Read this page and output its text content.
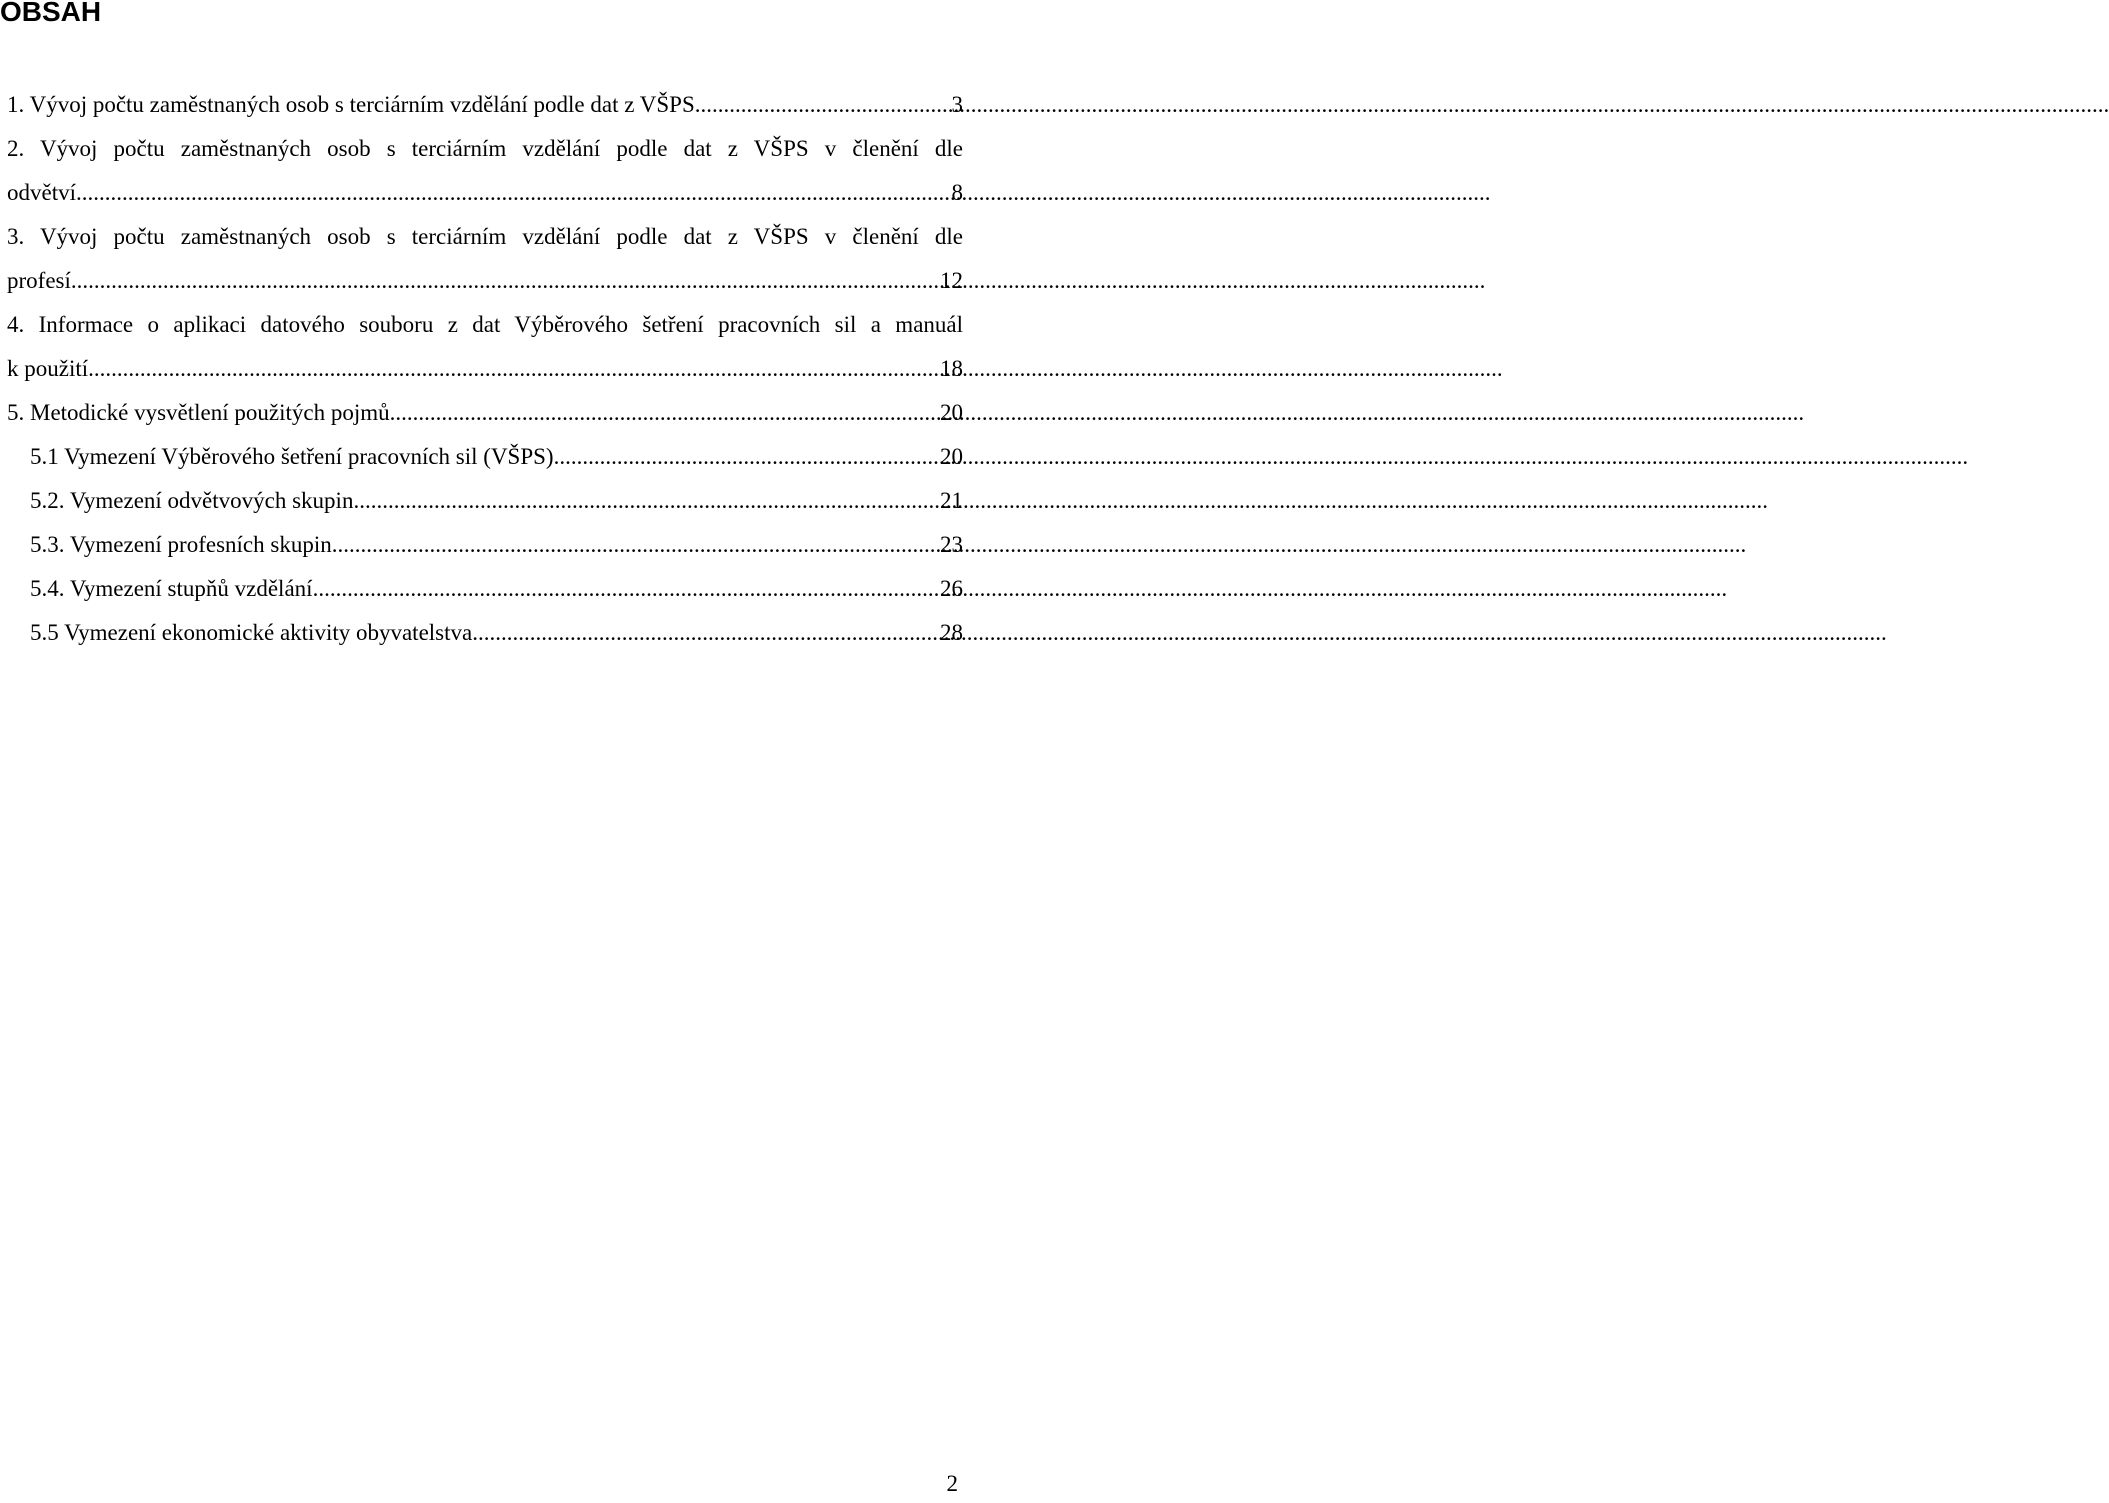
OBSAH
1. Vývoj počtu zaměstnaných osob s terciárním vzdělání podle dat z VŠPS .....	3
2. Vývoj počtu zaměstnaných osob s terciárním vzdělání podle dat z VŠPS v členění dle
odvětví .....	8
3. Vývoj počtu zaměstnaných osob s terciárním vzdělání podle dat z VŠPS v členění dle
profesí .....	12
4. Informace o aplikaci datového souboru z dat Výběrového šetření pracovních sil a manuál
k použití .....	18
5. Metodické vysvětlení použitých pojmů .....	20
5.1 Vymezení Výběrového šetření pracovních sil (VŠPS) .....	20
5.2. Vymezení odvětvových skupin .....	21
5.3. Vymezení profesních skupin .....	23
5.4. Vymezení stupňů vzdělání .....	26
5.5 Vymezení ekonomické aktivity obyvatelstva .....	28
2
